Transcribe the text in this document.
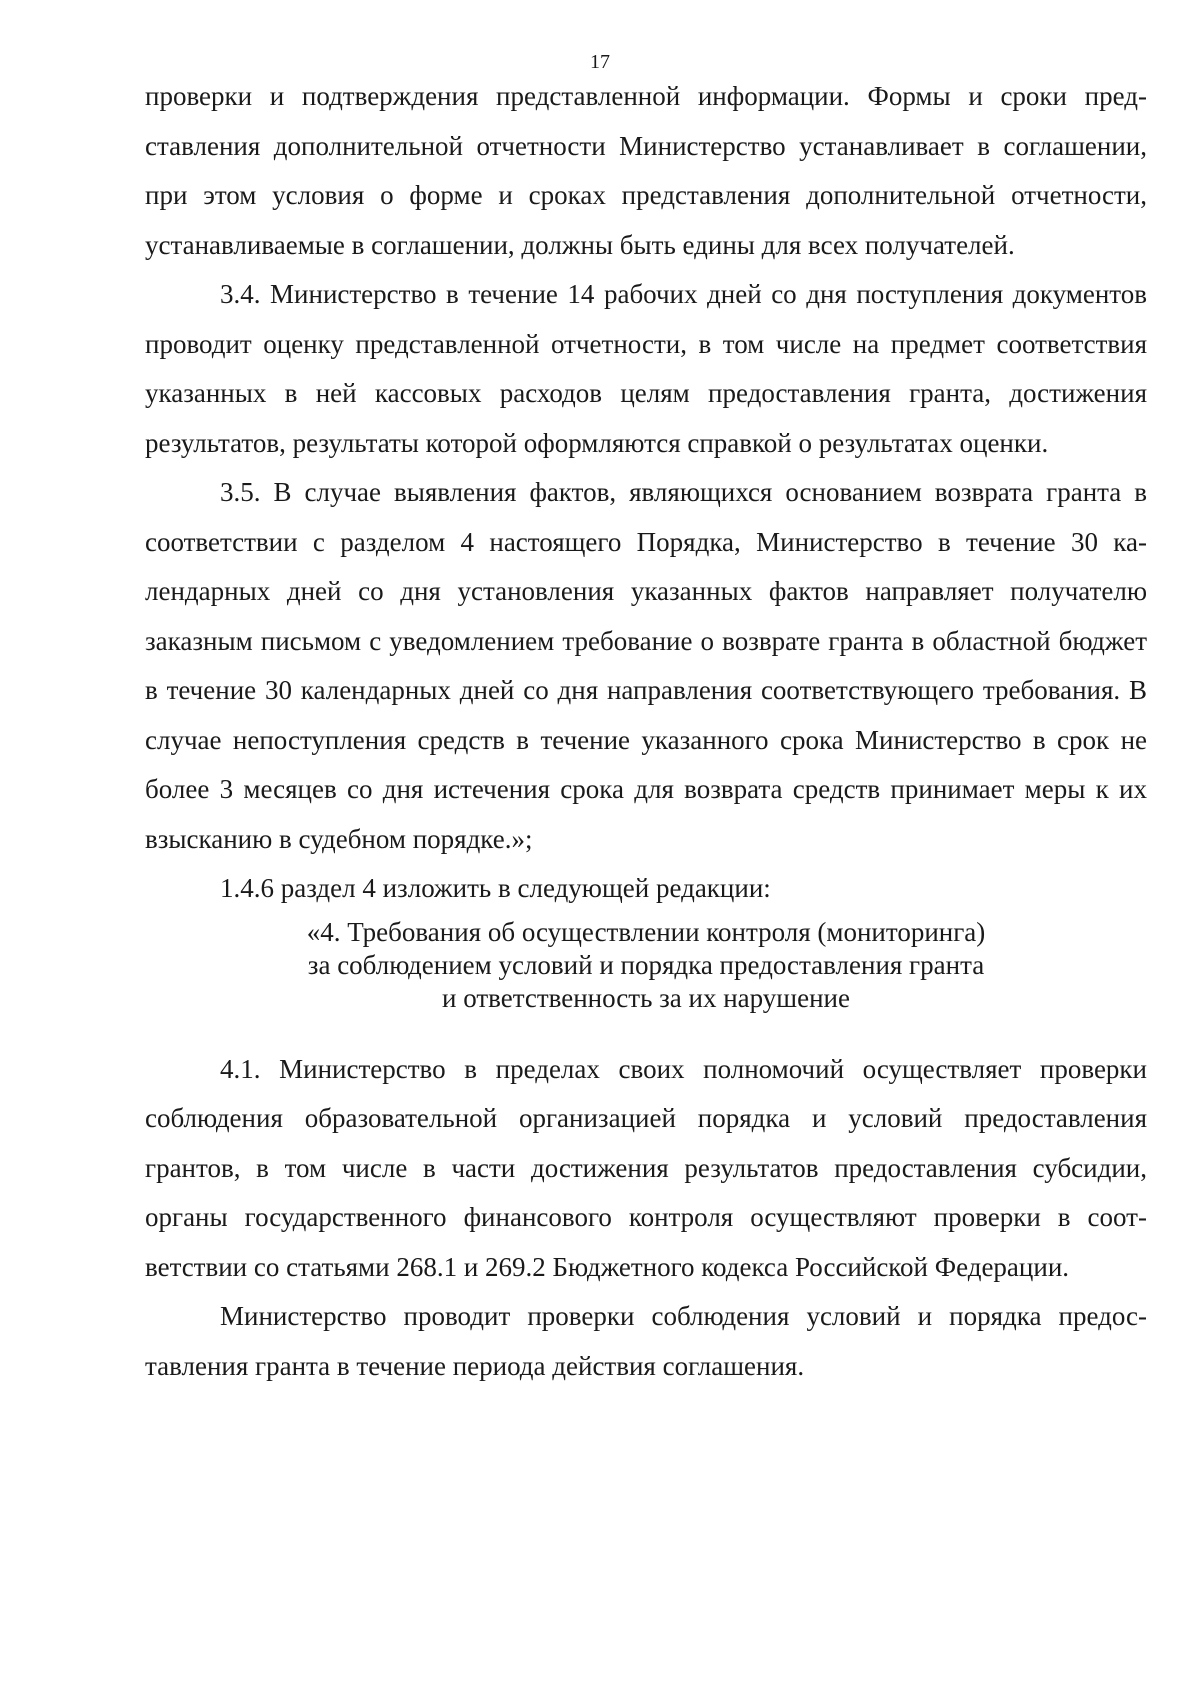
17

проверки и подтверждения представленной информации. Формы и сроки представления дополнительной отчетности Министерство устанавливает в соглашении, при этом условия о форме и сроках представления дополнительной отчетности, устанавливаемые в соглашении, должны быть едины для всех получателей.

3.4. Министерство в течение 14 рабочих дней со дня поступления документов проводит оценку представленной отчетности, в том числе на предмет соответствия указанных в ней кассовых расходов целям предоставления гранта, достижения результатов, результаты которой оформляются справкой о результатах оценки.

3.5. В случае выявления фактов, являющихся основанием возврата гранта в соответствии с разделом 4 настоящего Порядка, Министерство в течение 30 календарных дней со дня установления указанных фактов направляет получателю заказным письмом с уведомлением требование о возврате гранта в областной бюджет в течение 30 календарных дней со дня направления соответствующего требования. В случае непоступления средств в течение указанного срока Министерство в срок не более 3 месяцев со дня истечения срока для возврата средств принимает меры к их взысканию в судебном порядке.»;

1.4.6 раздел 4 изложить в следующей редакции:

«4. Требования об осуществлении контроля (мониторинга)
за соблюдением условий и порядка предоставления гранта
и ответственность за их нарушение

4.1. Министерство в пределах своих полномочий осуществляет проверки соблюдения образовательной организацией порядка и условий предоставления грантов, в том числе в части достижения результатов предоставления субсидии, органы государственного финансового контроля осуществляют проверки в соответствии со статьями 268.1 и 269.2 Бюджетного кодекса Российской Федерации.

Министерство проводит проверки соблюдения условий и порядка предоставления гранта в течение периода действия соглашения.
